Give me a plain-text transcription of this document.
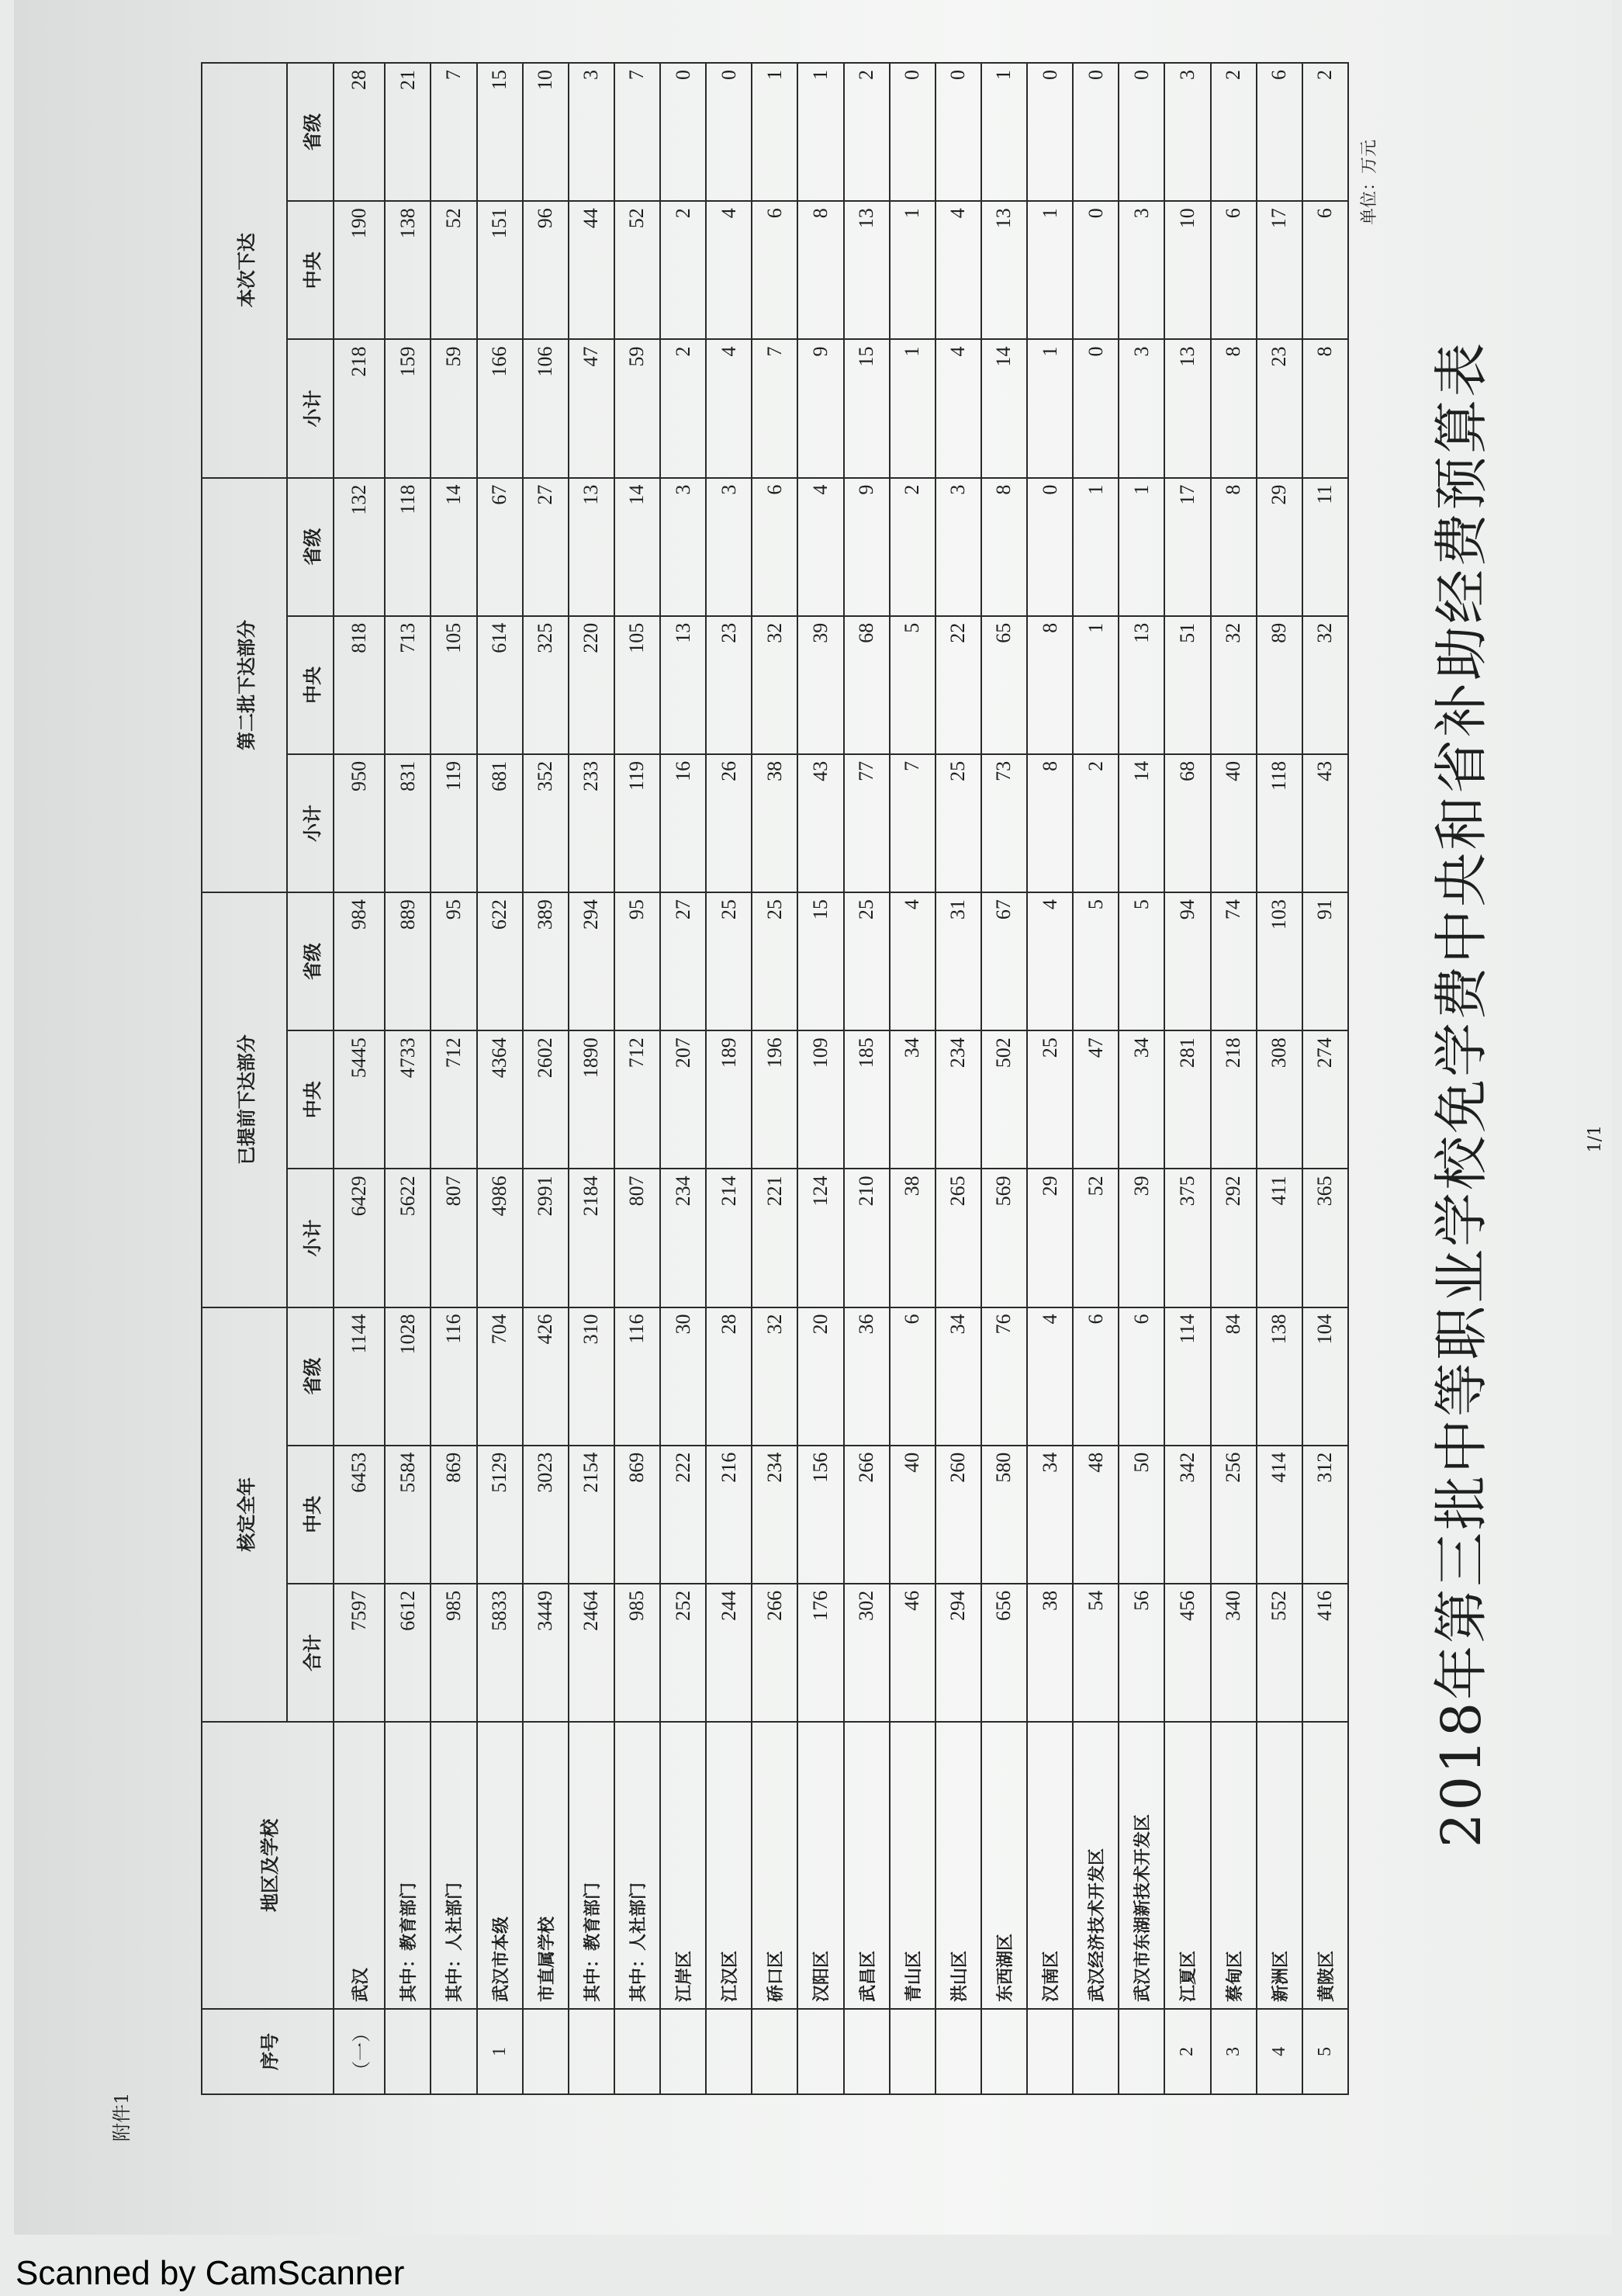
附件1
2018年第三批中等职业学校免学费中央和省补助经费预算表
单位：万元
1/1
序号	地区及学校	核定全年			已提前下达部分			第二批下达部分			本次下达		
		合计	中央	省级	小计	中央	省级	小计	中央	省级	小计	中央	省级
（一）	武汉	7597	6453	1144	6429	5445	984	950	818	132	218	190	28
	其中：教育部门	6612	5584	1028	5622	4733	889	831	713	118	159	138	21
	其中：人社部门	985	869	116	807	712	95	119	105	14	59	52	7
1	武汉市本级	5833	5129	704	4986	4364	622	681	614	67	166	151	15
	市直属学校	3449	3023	426	2991	2602	389	352	325	27	106	96	10
	其中：教育部门	2464	2154	310	2184	1890	294	233	220	13	47	44	3
	其中：人社部门	985	869	116	807	712	95	119	105	14	59	52	7
	江岸区	252	222	30	234	207	27	16	13	3	2	2	0
	江汉区	244	216	28	214	189	25	26	23	3	4	4	0
	硚口区	266	234	32	221	196	25	38	32	6	7	6	1
	汉阳区	176	156	20	124	109	15	43	39	4	9	8	1
	武昌区	302	266	36	210	185	25	77	68	9	15	13	2
	青山区	46	40	6	38	34	4	7	5	2	1	1	0
	洪山区	294	260	34	265	234	31	25	22	3	4	4	0
	东西湖区	656	580	76	569	502	67	73	65	8	14	13	1
	汉南区	38	34	4	29	25	4	8	8	0	1	1	0
	武汉经济技术开发区	54	48	6	52	47	5	2	1	1	0	0	0
	武汉市东湖新技术开发区	56	50	6	39	34	5	14	13	1	3	3	0
2	江夏区	456	342	114	375	281	94	68	51	17	13	10	3
3	蔡甸区	340	256	84	292	218	74	40	32	8	8	6	2
4	新洲区	552	414	138	411	308	103	118	89	29	23	17	6
5	黄陂区	416	312	104	365	274	91	43	32	11	8	6	2
Scanned by CamScanner
